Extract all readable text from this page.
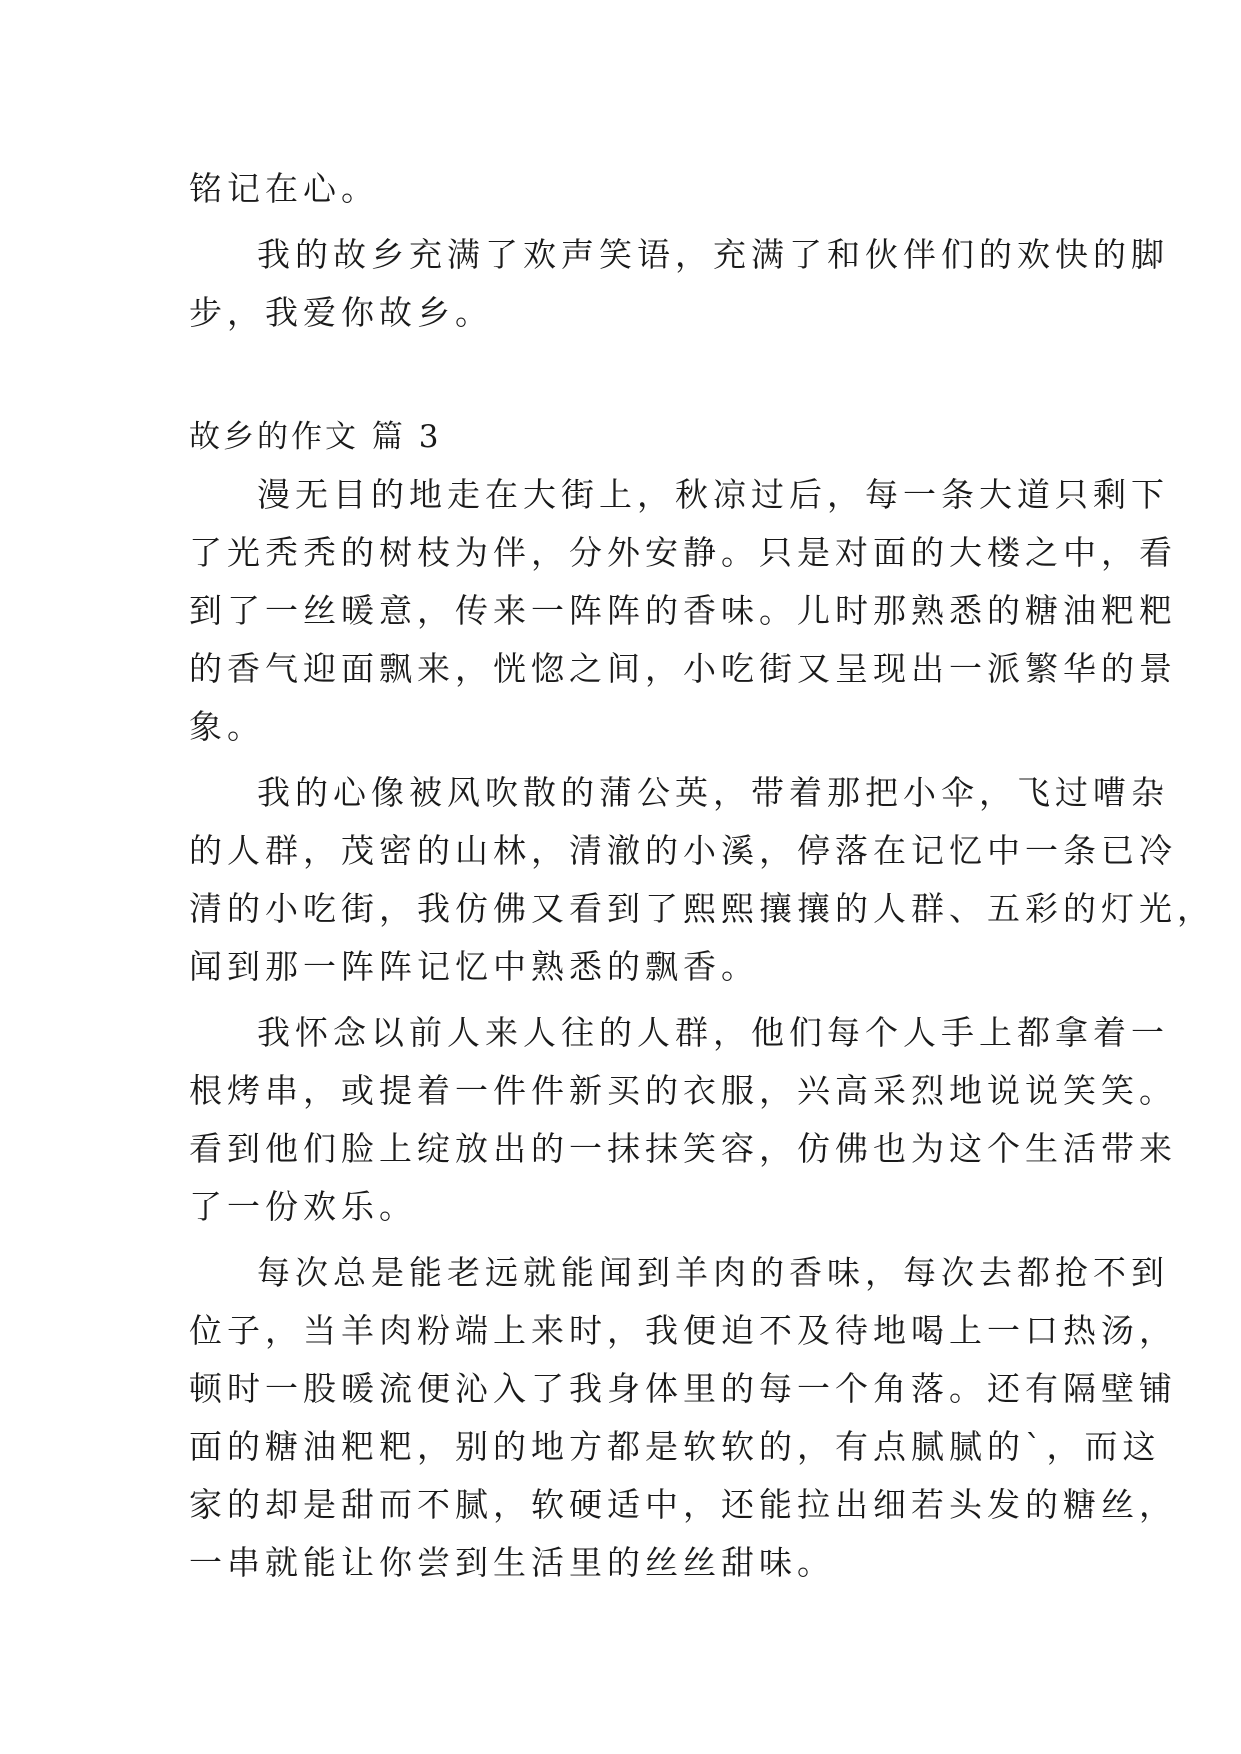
铭记在心。

我的故乡充满了欢声笑语，充满了和伙伴们的欢快的脚

步，我爱你故乡。

故乡的作文 篇 3

漫无目的地走在大街上，秋凉过后，每一条大道只剩下

了光秃秃的树枝为伴，分外安静。只是对面的大楼之中，看

到了一丝暖意，传来一阵阵的香味。儿时那熟悉的糖油粑粑

的香气迎面飘来，恍惚之间，小吃街又呈现出一派繁华的景

象。

我的心像被风吹散的蒲公英，带着那把小伞，飞过嘈杂

的人群，茂密的山林，清澈的小溪，停落在记忆中一条已冷

清的小吃街，我仿佛又看到了熙熙攘攘的人群、五彩的灯光，

闻到那一阵阵记忆中熟悉的飘香。

我怀念以前人来人往的人群，他们每个人手上都拿着一

根烤串，或提着一件件新买的衣服，兴高采烈地说说笑笑。

看到他们脸上绽放出的一抹抹笑容，仿佛也为这个生活带来

了一份欢乐。

每次总是能老远就能闻到羊肉的香味，每次去都抢不到

位子，当羊肉粉端上来时，我便迫不及待地喝上一口热汤，

顿时一股暖流便沁入了我身体里的每一个角落。还有隔壁铺

面的糖油粑粑，别的地方都是软软的，有点腻腻的`，而这

家的却是甜而不腻，软硬适中，还能拉出细若头发的糖丝，

一串就能让你尝到生活里的丝丝甜味。
